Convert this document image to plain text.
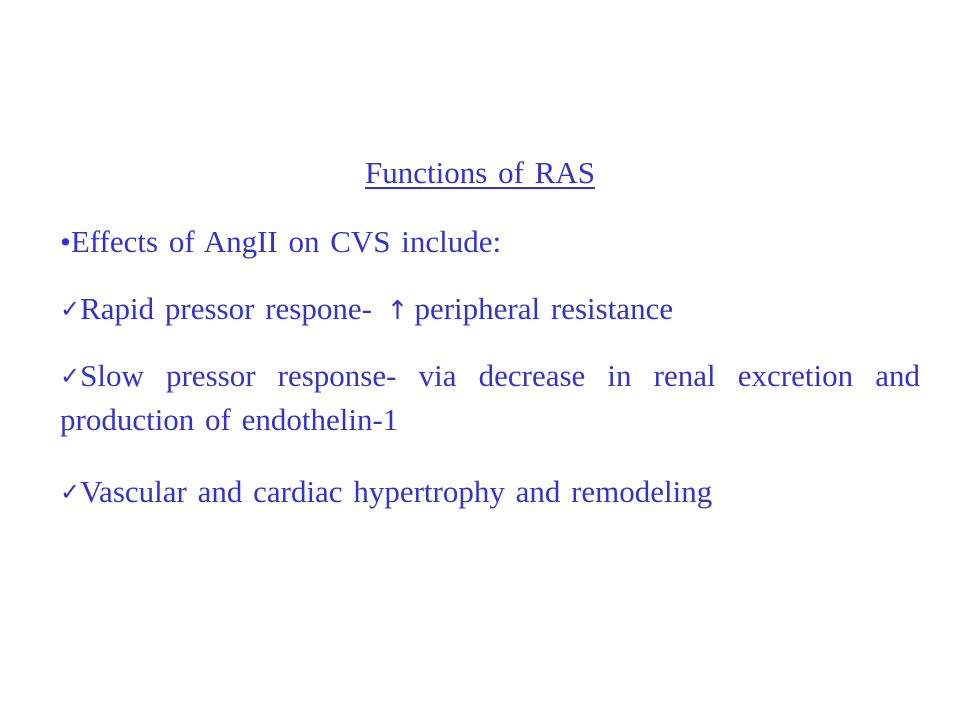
Functions of RAS
•Effects of AngII on CVS include:
✓Rapid pressor respone- ↑ peripheral resistance
✓Slow pressor response- via decrease in renal excretion and production of endothelin-1
✓Vascular and cardiac hypertrophy and remodeling
